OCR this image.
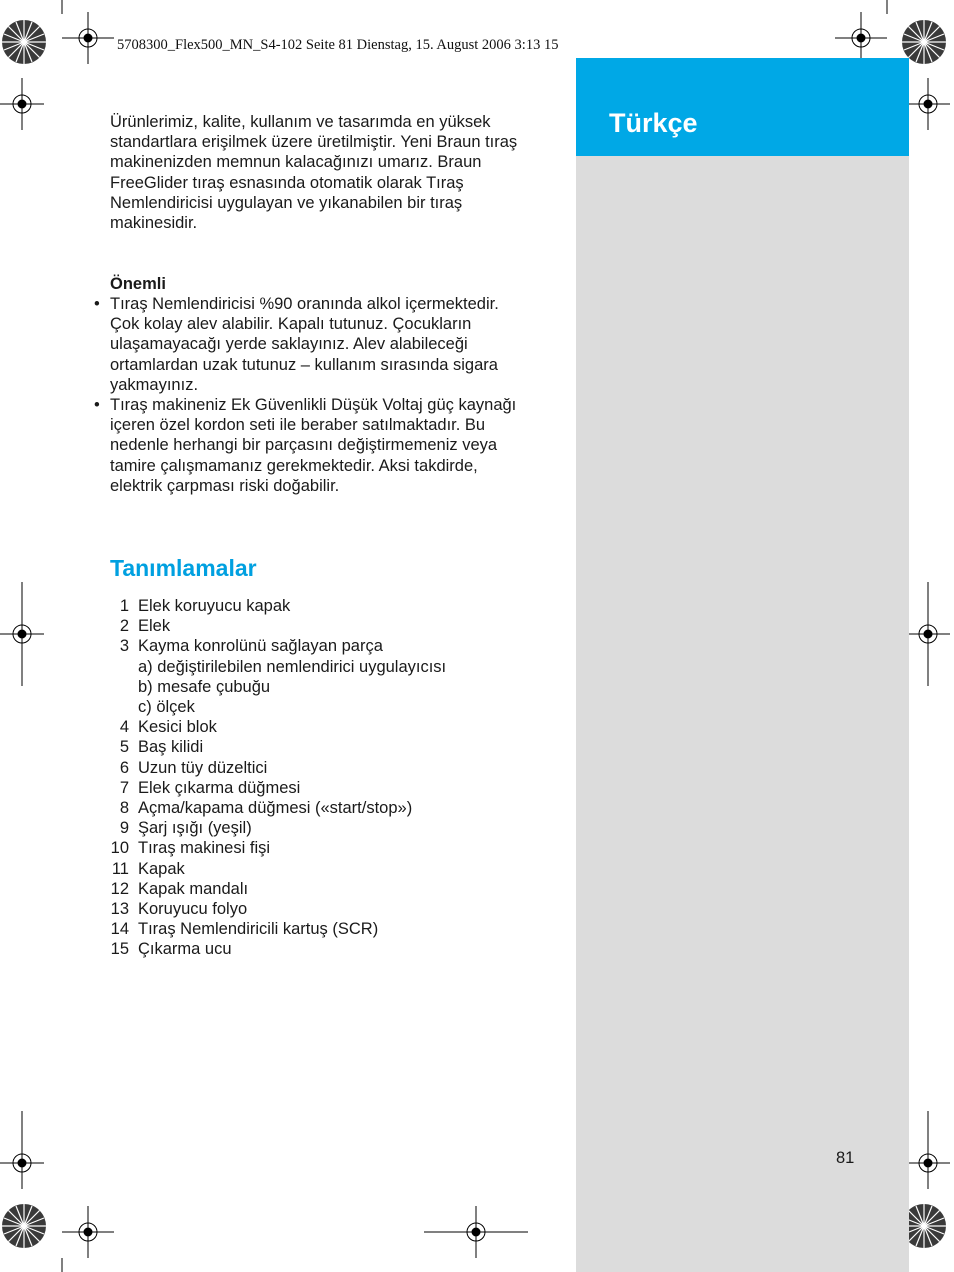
5708300_Flex500_MN_S4-102 Seite 81 Dienstag, 15. August 2006 3:13 15
Türkçe
Ürünlerimiz, kalite, kullanım ve tasarımda en yüksek
standartlara erişilmek üzere üretilmiştir. Yeni Braun tıraş
makinenizden memnun kalacağınızı umarız. Braun
FreeGlider tıraş esnasında otomatik olarak Tıraş
Nemlendiricisi uygulayan ve yıkanabilen bir tıraş
makinesidir.
Önemli
• Tıraş Nemlendiricisi %90 oranında alkol içermektedir.
Çok kolay alev alabilir. Kapalı tutunuz. Çocukların
ulaşamayacağı yerde saklayınız. Alev alabileceği
ortamlardan uzak tutunuz – kullanım sırasında sigara
yakmayınız.
• Tıraş makineniz Ek Güvenlikli Düşük Voltaj güç kaynağı
içeren özel kordon seti ile beraber satılmaktadır. Bu
nedenle herhangi bir parçasını değiştirmemeniz veya
tamire çalışmamanız gerekmektedir. Aksi takdirde,
elektrik çarpması riski doğabilir.
Tanımlamalar
1 Elek koruyucu kapak
2 Elek
3 Kayma konrolünü sağlayan parça
a) değiştirilebilen nemlendirici uygulayıcısı
b) mesafe çubuğu
c) ölçek
4 Kesici blok
5 Baş kilidi
6 Uzun tüy düzeltici
7 Elek çıkarma düğmesi
8 Açma/kapama düğmesi («start/stop»)
9 Şarj ışığı (yeşil)
10 Tıraş makinesi fişi
11 Kapak
12 Kapak mandalı
13 Koruyucu folyo
14 Tıraş Nemlendiricili kartuş (SCR)
15 Çıkarma ucu
81
